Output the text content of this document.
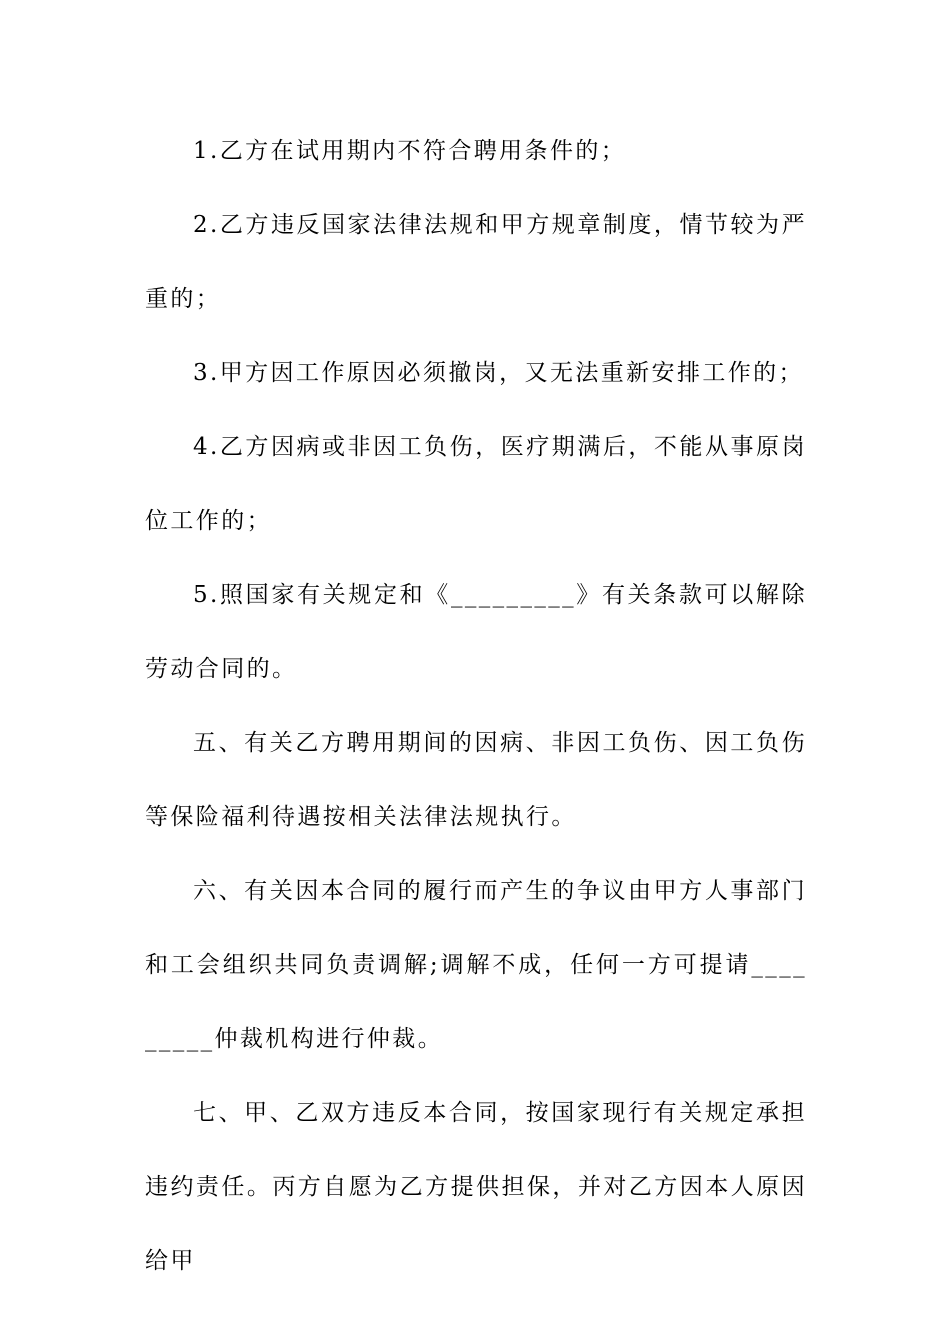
1.乙方在试用期内不符合聘用条件的；

2.乙方违反国家法律法规和甲方规章制度，情节较为严重的；

3.甲方因工作原因必须撤岗，又无法重新安排工作的；

4.乙方因病或非因工负伤，医疗期满后，不能从事原岗位工作的；

5.照国家有关规定和《_________》有关条款可以解除劳动合同的。

五、有关乙方聘用期间的因病、非因工负伤、因工负伤等保险福利待遇按相关法律法规执行。

六、有关因本合同的履行而产生的争议由甲方人事部门和工会组织共同负责调解;调解不成，任何一方可提请_________仲裁机构进行仲裁。

七、甲、乙双方违反本合同，按国家现行有关规定承担违约责任。丙方自愿为乙方提供担保，并对乙方因本人原因给甲
